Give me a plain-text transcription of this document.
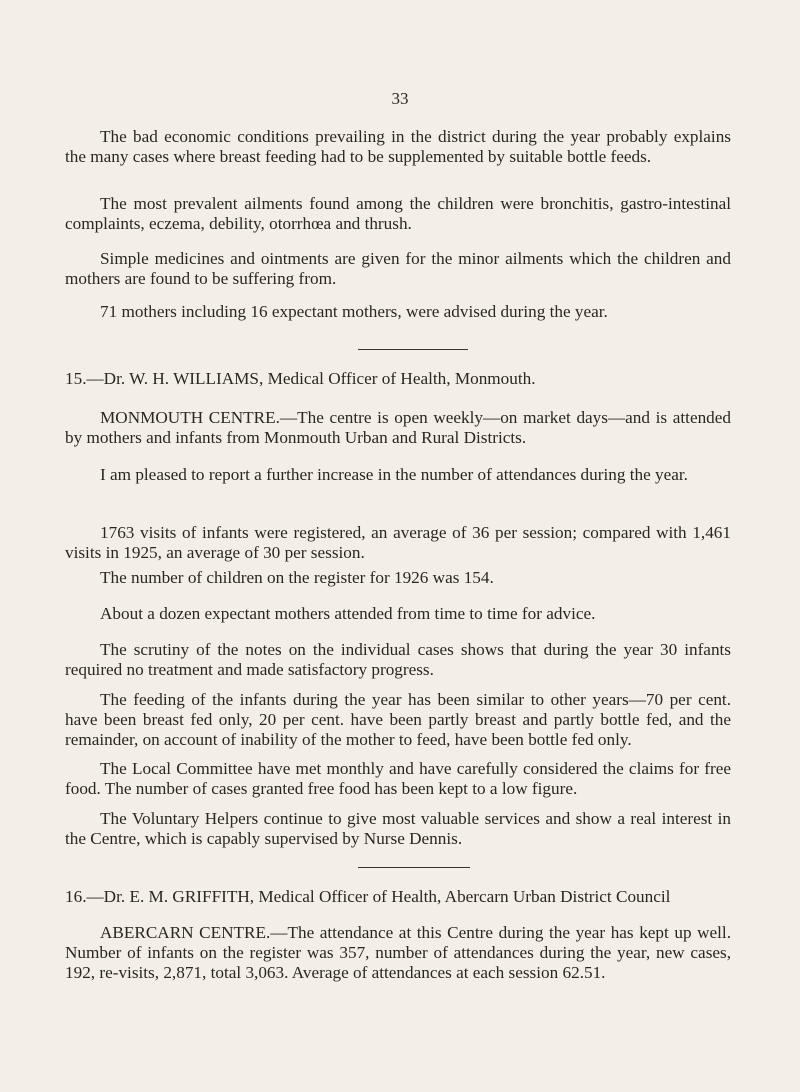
33

The bad economic conditions prevailing in the district during the year probably explains the many cases where breast feeding had to be supplemented by suitable bottle feeds.

The most prevalent ailments found among the children were bronchitis, gastro-intestinal complaints, eczema, debility, otorrhœa and thrush.

Simple medicines and ointments are given for the minor ailments which the children and mothers are found to be suffering from.

71 mothers including 16 expectant mothers, were advised during the year.

15.—Dr. W. H. WILLIAMS, Medical Officer of Health, Monmouth.

MONMOUTH CENTRE.—The centre is open weekly—on market days—and is attended by mothers and infants from Monmouth Urban and Rural Districts.

I am pleased to report a further increase in the number of attendances during the year.

1763 visits of infants were registered, an average of 36 per session; compared with 1,461 visits in 1925, an average of 30 per session.

The number of children on the register for 1926 was 154.

About a dozen expectant mothers attended from time to time for advice.

The scrutiny of the notes on the individual cases shows that during the year 30 infants required no treatment and made satisfactory progress.

The feeding of the infants during the year has been similar to other years—70 per cent. have been breast fed only, 20 per cent. have been partly breast and partly bottle fed, and the remainder, on account of inability of the mother to feed, have been bottle fed only.

The Local Committee have met monthly and have carefully considered the claims for free food. The number of cases granted free food has been kept to a low figure.

The Voluntary Helpers continue to give most valuable services and show a real interest in the Centre, which is capably supervised by Nurse Dennis.

16.—Dr. E. M. GRIFFITH, Medical Officer of Health, Abercarn Urban District Council

ABERCARN CENTRE.—The attendance at this Centre during the year has kept up well. Number of infants on the register was 357, number of attendances during the year, new cases, 192, re-visits, 2,871, total 3,063. Average of attendances at each session 62.51.
